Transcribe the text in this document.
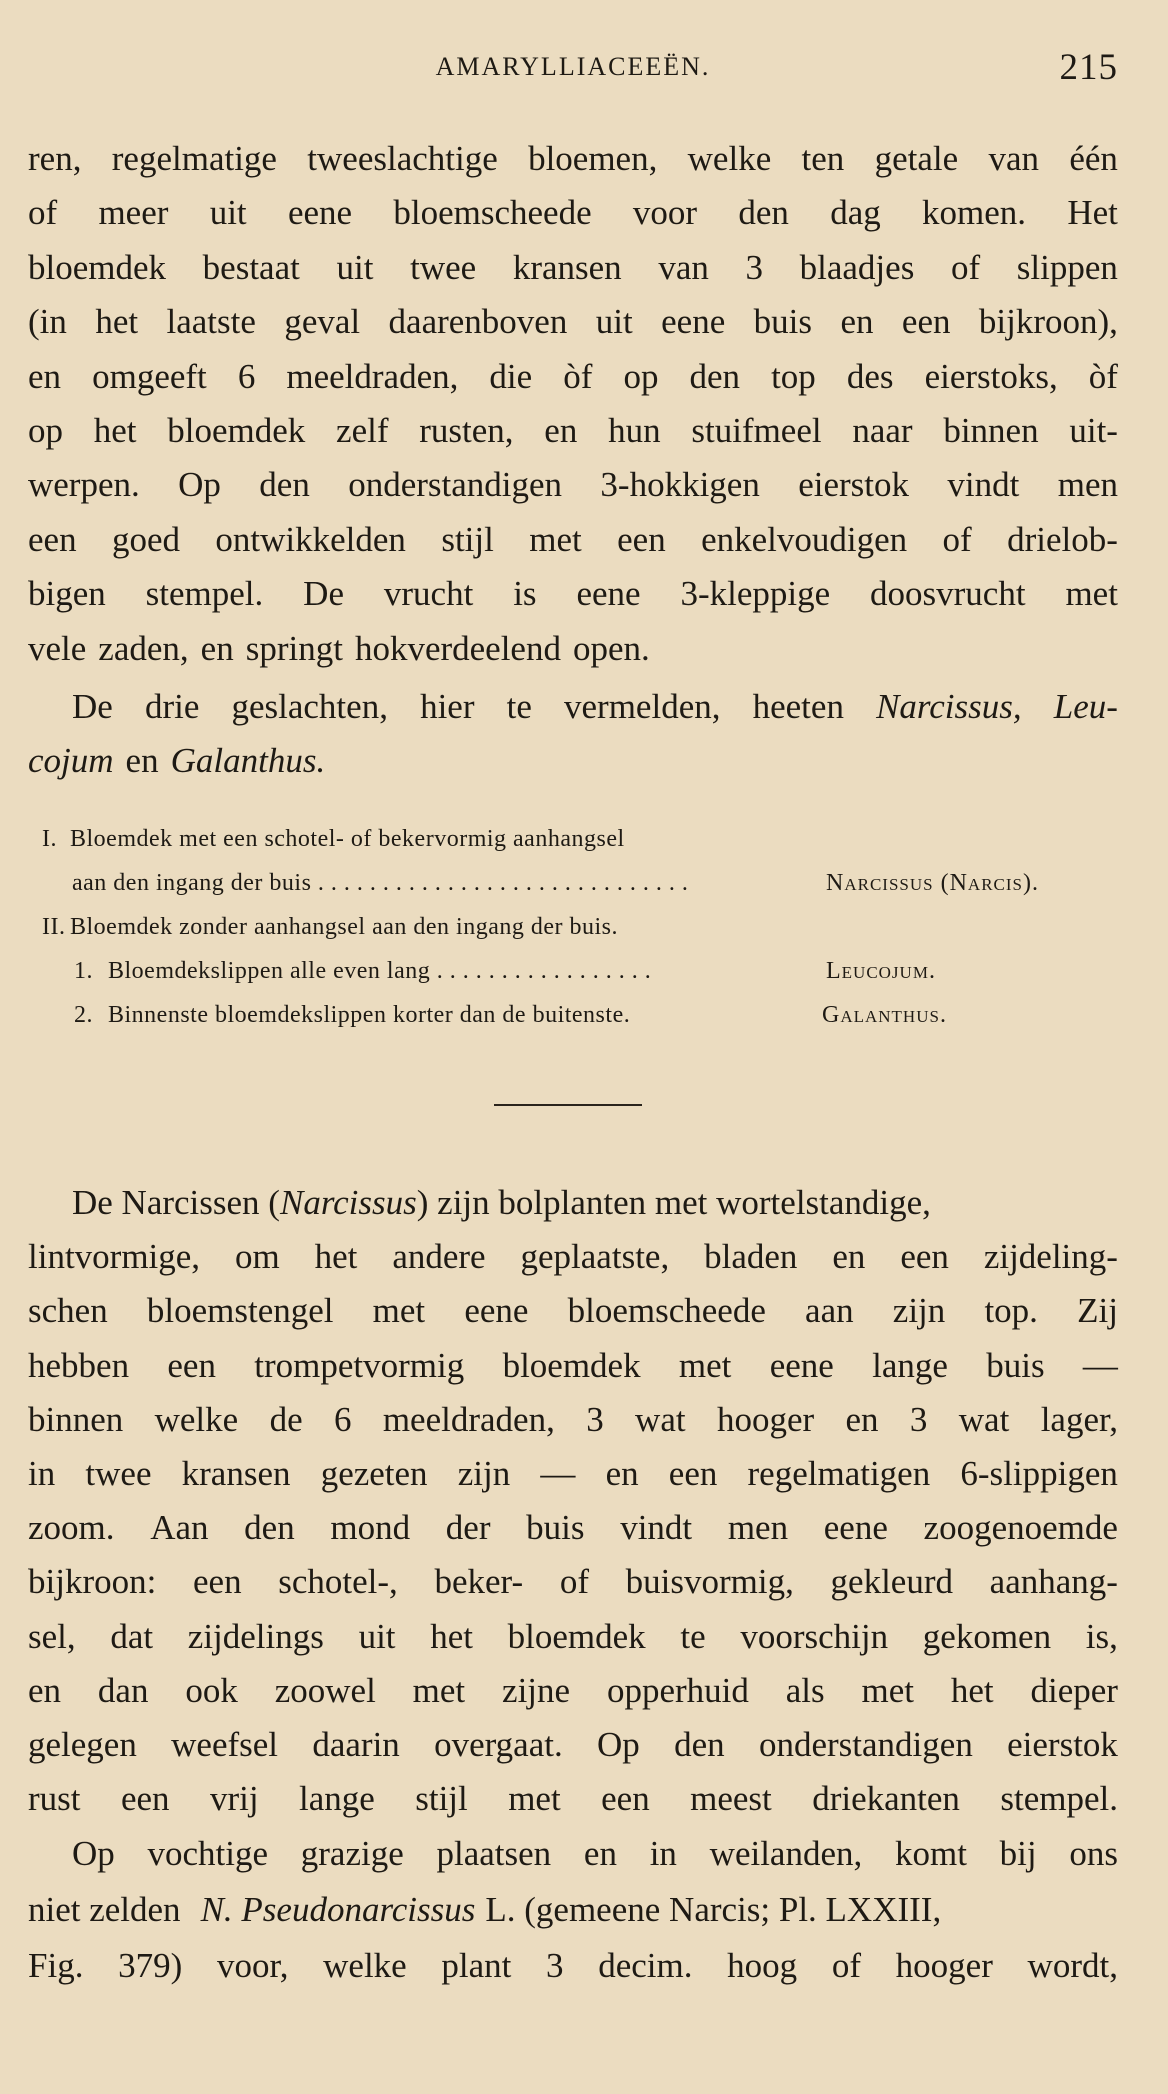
AMARYLLIACEEËN.	215
ren, regelmatige tweeslachtige bloemen, welke ten getale van één
of meer uit eene bloemscheede voor den dag komen. Het
bloemdek bestaat uit twee kransen van 3 blaadjes of slippen
(in het laatste geval daarenboven uit eene buis en een bijkroon),
en omgeeft 6 meeldraden, die òf op den top des eierstoks, òf
op het bloemdek zelf rusten, en hun stuifmeel naar binnen uit-
werpen. Op den onderstandigen 3-hokkigen eierstok vindt men
een goed ontwikkelden stijl met een enkelvoudigen of drielob-
bigen stempel. De vrucht is eene 3-kleppige doosvrucht met
vele zaden, en springt hokverdeelend open.
De drie geslachten, hier te vermelden, heeten Narcissus, Leu-
cojum en Galanthus.
I. Bloemdek met een schotel- of bekervormig aanhangsel
aan den ingang der buis . . . . . . . . . . . . . . . . . . . . . . . . . . . . .	Narcissus (Narcis).
II. Bloemdek zonder aanhangsel aan den ingang der buis.
1. Bloemdekslippen alle even lang . . . . . . . . . . . . . . . . .	Leucojum.
2. Binnenste bloemdekslippen korter dan de buitenste.	Galanthus.
De Narcissen ( Narcissus ) zijn bolplanten met wortelstandige,
lintvormige, om het andere geplaatste, bladen en een zijdeling-
schen bloemstengel met eene bloemscheede aan zijn top. Zij
hebben een trompetvormig bloemdek met eene lange buis —
binnen welke de 6 meeldraden, 3 wat hooger en 3 wat lager,
in twee kransen gezeten zijn — en een regelmatigen 6-slippigen
zoom. Aan den mond der buis vindt men eene zoogenoemde
bijkroon: een schotel-, beker- of buisvormig, gekleurd aanhang-
sel, dat zijdelings uit het bloemdek te voorschijn gekomen is,
en dan ook zoowel met zijne opperhuid als met het dieper
gelegen weefsel daarin overgaat. Op den onderstandigen eierstok
rust een vrij lange stijl met een meest driekanten stempel.
Op vochtige grazige plaatsen en in weilanden, komt bij ons
niet zelden N. Pseudonarcissus L. (gemeene Narcis; Pl. LXXIII,
Fig. 379) voor, welke plant 3 decim. hoog of hooger wordt,
